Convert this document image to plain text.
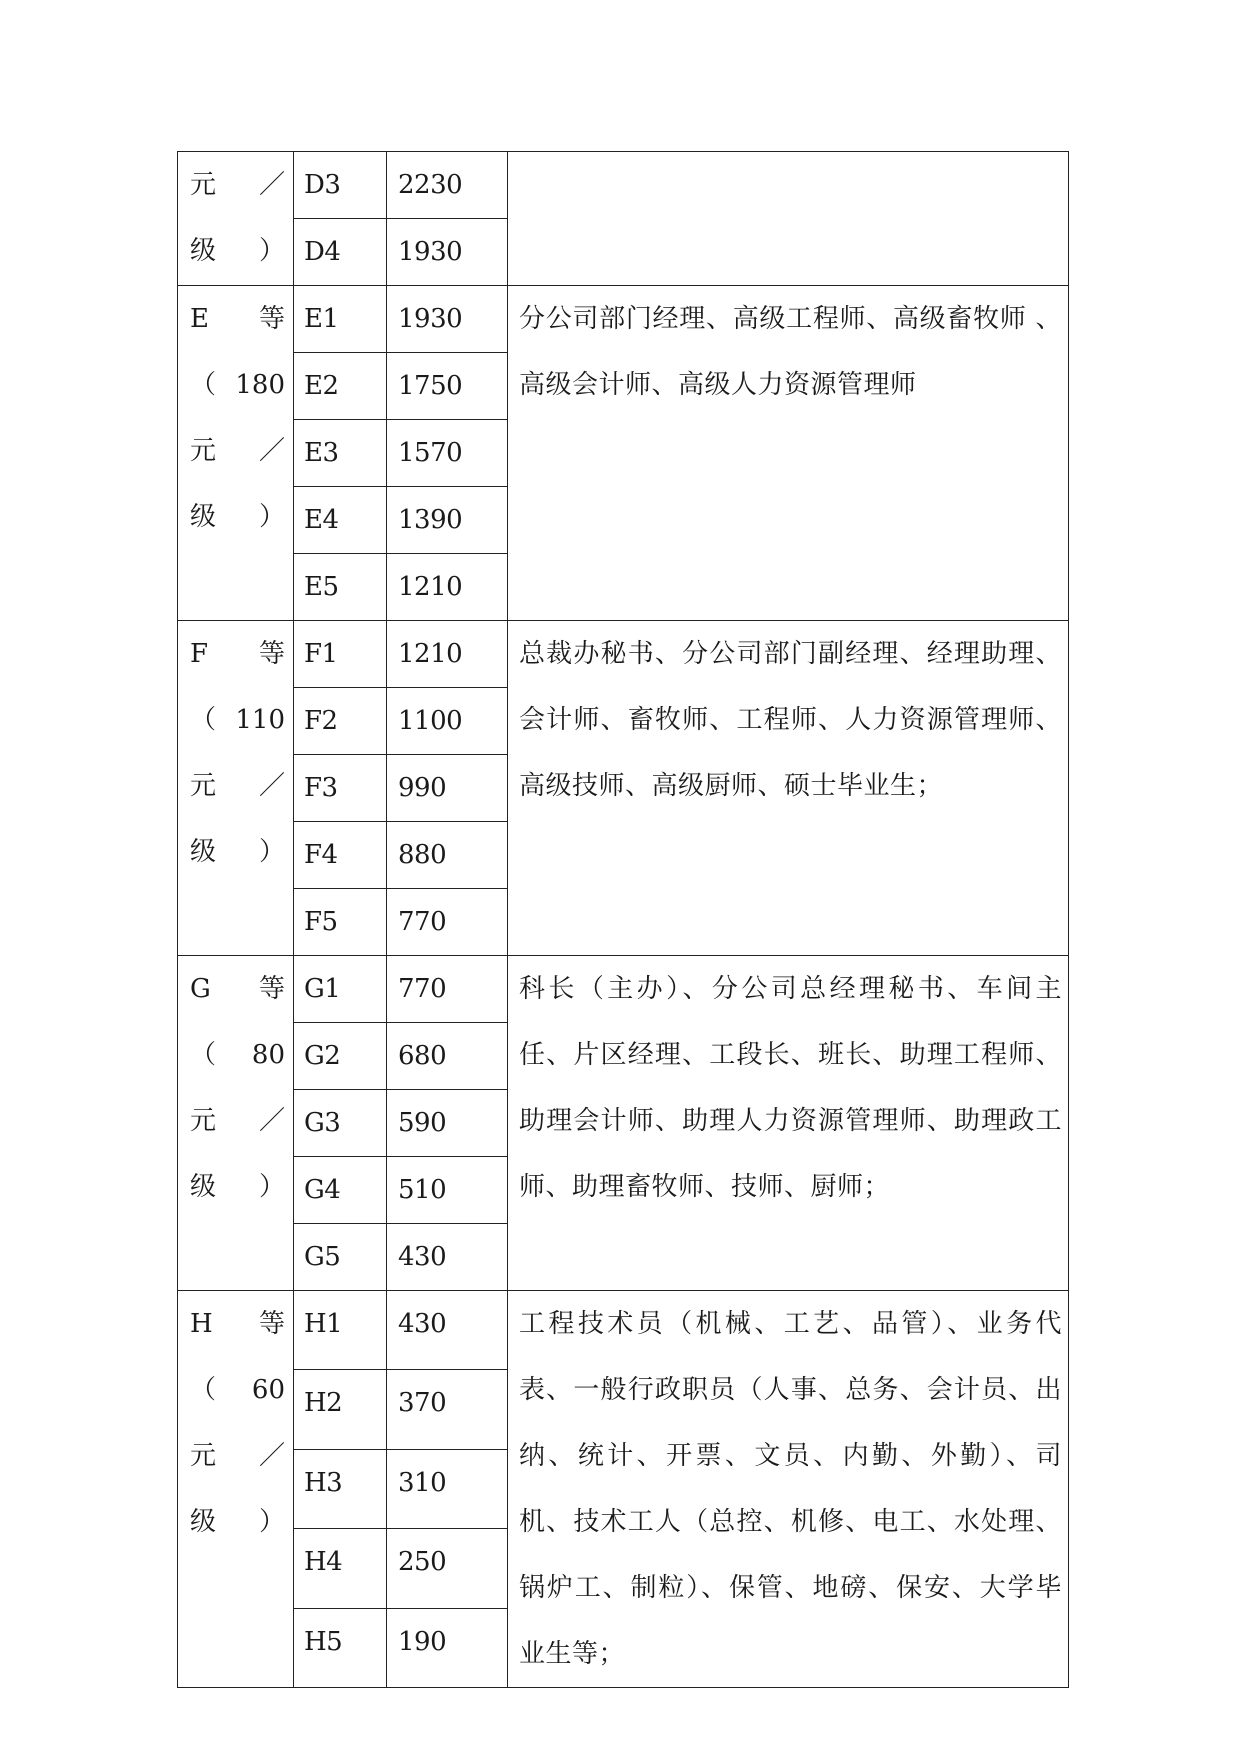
元　／
级）	D3	2230	

	D4	1930	

E　等
（180
元　／
级）	E1	1930	分公司部门经理、高级工程师、高级畜牧师 、高级会计师、高级人力资源管理师

	E2	1750	
	E3	1570	
	E4	1390	
	E5	1210	

F　等
（110
元　／
级）	F1	1210	总裁办秘书、分公司部门副经理、经理助理、会计师、畜牧师、工程师、人力资源管理师、高级技师、高级厨师、硕士毕业生；

	F2	1100	
	F3	990	
	F4	880	
	F5	770	

G　等
（ 80
元　／
级）	G1	770	科长（主办）、分公司总经理秘书、车间主任、片区经理、工段长、班长、助理工程师、助理会计师、助理人力资源管理师、助理政工师、助理畜牧师、技师、厨师；

	G2	680	
	G3	590	
	G4	510	
	G5	430	

H　等
（ 60
元　／
级）	H1	430	工程技术员（机械、工艺、品管）、业务代表、一般行政职员（人事、总务、会计员、出纳、统计、开票、文员、内勤、外勤）、司机、技术工人（总控、机修、电工、水处理、锅炉工、制粒）、保管、地磅、保安、大学毕业生等；

	H2	370	
	H3	310	
	H4	250	
	H5	190	
